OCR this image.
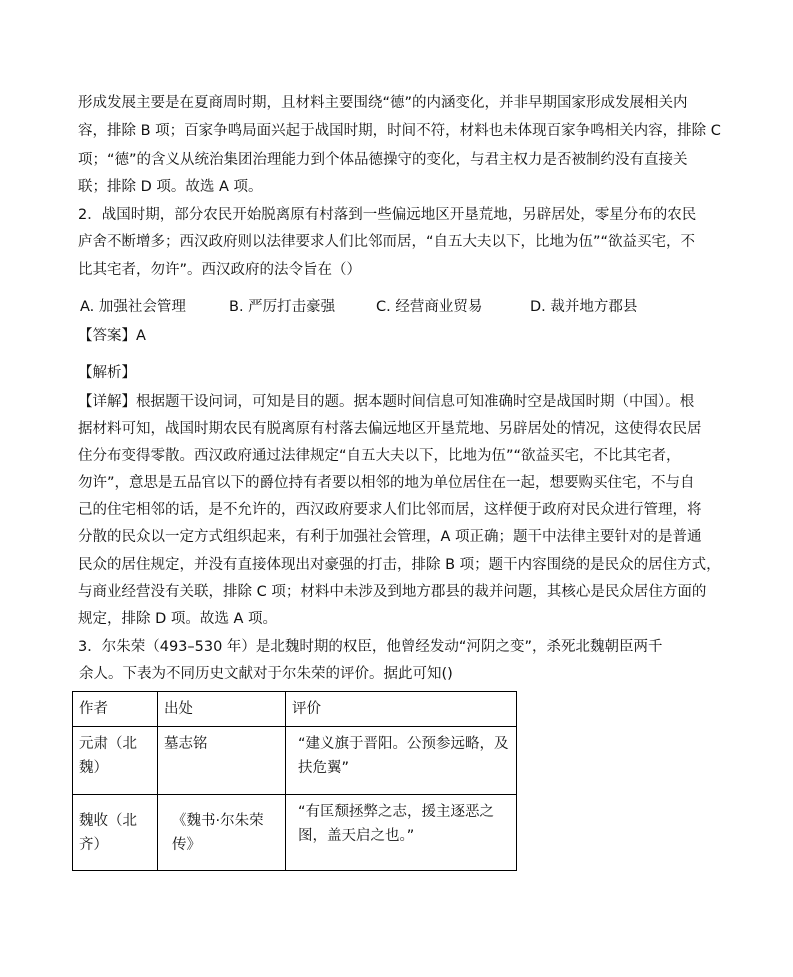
形成发展主要是在夏商周时期，且材料主要围绕“德”的内涵变化，并非早期国家形成发展相关内
容，排除 B 项；百家争鸣局面兴起于战国时期，时间不符，材料也未体现百家争鸣相关内容，排除 C
项；“德”的含义从统治集团治理能力到个体品德操守的变化，与君主权力是否被制约没有直接关
联；排除 D 项。故选 A 项。
2．战国时期，部分农民开始脱离原有村落到一些偏远地区开垦荒地，另辟居处，零星分布的农民
庐舍不断增多；西汉政府则以法律要求人们比邻而居，“自五大夫以下，比地为伍”“欲益买宅，不
比其宅者，勿许”。西汉政府的法令旨在（）
A. 加强社会管理	B. 严厉打击豪强	C. 经营商业贸易	D. 裁并地方郡县
【答案】A
【解析】
【详解】根据题干设问词，可知是目的题。据本题时间信息可知准确时空是战国时期（中国）。根
据材料可知，战国时期农民有脱离原有村落去偏远地区开垦荒地、另辟居处的情况，这使得农民居
住分布变得零散。西汉政府通过法律规定“自五大夫以下，比地为伍”“欲益买宅，不比其宅者，
勿许”，意思是五品官以下的爵位持有者要以相邻的地为单位居住在一起，想要购买住宅，不与自
己的住宅相邻的话，是不允许的，西汉政府要求人们比邻而居，这样便于政府对民众进行管理，将
分散的民众以一定方式组织起来，有利于加强社会管理，A 项正确；题干中法律主要针对的是普通
民众的居住规定，并没有直接体现出对豪强的打击，排除 B 项；题干内容围绕的是民众的居住方式，
与商业经营没有关联，排除 C 项；材料中未涉及到地方郡县的裁并问题，其核心是民众居住方面的
规定，排除 D 项。故选 A 项。
3．尔朱荣（493–530 年）是北魏时期的权臣，他曾经发动“河阴之变”，杀死北魏朝臣两千
余人。下表为不同历史文献对于尔朱荣的评价。据此可知()
作者	出处	评价

元肃（北魏）	墓志铭	“建义旗于晋阳。公预参远略，及扶危翼”

魏收（北齐）	《魏书·尔朱荣传》	“有匡颓拯弊之志，援主逐恶之图，盖天启之也。”
